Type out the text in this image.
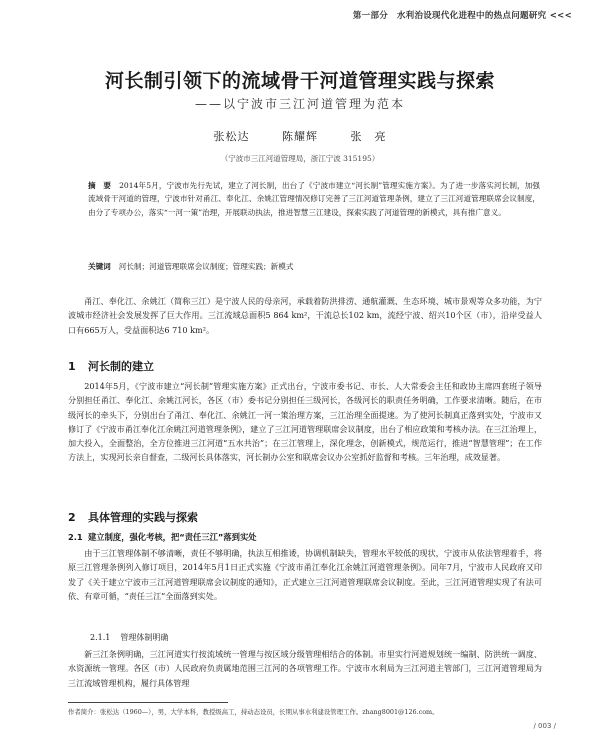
第一部分　水利治设现代化进程中的热点问题研究 <<<
河长制引领下的流域骨干河道管理实践与探索
——以宁波市三江河道管理为范本
张松达	陈耀辉	张　亮
（宁波市三江河道管理局，浙江宁波 315195）
摘　要 2014年5月，宁波市先行先试，建立了河长制，出台了《宁波市建立“河长制”管理实施方案》。为了进一步落实河长制，加强流域骨干河道的管理，宁波市针对甬江、奉化江、余姚江管理情况修订完善了三江河道管理条例，建立了三江河道管理联席会议制度，由分了专项办公，落实“一河一策”治理，开展联动执法，推进智慧三江建设，探索实践了河道管理的新模式，具有推广意义。
关键词 河长制；河道管理联席会议制度；管理实践；新模式
甬江、奉化江、余姚江（简称三江）是宁波人民的母亲河，承载着防洪排涝、通航灌溉、生态环境、城市景观等众多功能，为宁波城市经济社会发展发挥了巨大作用。三江流域总面积5 864 km²，干流总长102 km，流经宁波、绍兴10个区（市），沿岸受益人口有665万人，受益面积达6 710 km²。
1 河长制的建立
2014年5月，《宁波市建立“河长制”管理实施方案》正式出台，宁波市委书记、市长、人大常委会主任和政协主席四套班子领导分别担任甬江、奉化江、余姚江河长，各区（市）委书记分别担任三级河长，各级河长的职责任务明确，工作要求清晰。随后，在市级河长的牵头下，分别出台了甬江、奉化江、余姚江一河一策治理方案，三江治理全面提速。为了使河长制真正落到实处，宁波市又修订了《宁波市甬江奉化江余姚江河道管理条例》，建立了三江河道管理联席会议制度，出台了相应政策和考核办法。在三江治理上，加大投入，全面整治，全方位推进三江河道“五水共治”；在三江管理上，深化理念，创新模式，规范运行，推进“智慧管理”；在工作方法上，实现河长亲自督查，二级河长具体落实，河长制办公室和联席会议办公室抓好监督和考核。三年治理，成效显著。
2 具体管理的实践与探索
2.1 建立制度，强化考核，把“责任三江”落到实处
由于三江管理体制不够清晰，责任不够明确，执法互相推诿，协调机制缺失，管理水平较低的现状，宁波市从依法管理着手，将原三江管理条例列入修订项目，2014年5月1日正式实施《宁波市甬江奉化江余姚江河道管理条例》。同年7月，宁波市人民政府又印发了《关于建立宁波市三江河道管理联席会议制度的通知》，正式建立三江河道管理联席会议制度。至此，三江河道管理实现了有法可依、有章可循，“责任三江”全面落到实处。
2.1.1 管理体制明确
新三江条例明确，三江河道实行按流域统一管理与按区域分级管理相结合的体制。市里实行河道规划统一编制、防洪统一调度、水资源统一管理。各区（市）人民政府负责属地范围三江河的各项管理工作。宁波市水利局为三江河道主管部门，三江河道管理局为三江流域管理机构，履行具体管理
作者简介：张松达（1960—），男，大学本科，教授级高工，持动态设员，长期从事水利建设管理工作。zhang8001@126.com。
/ 003 /
